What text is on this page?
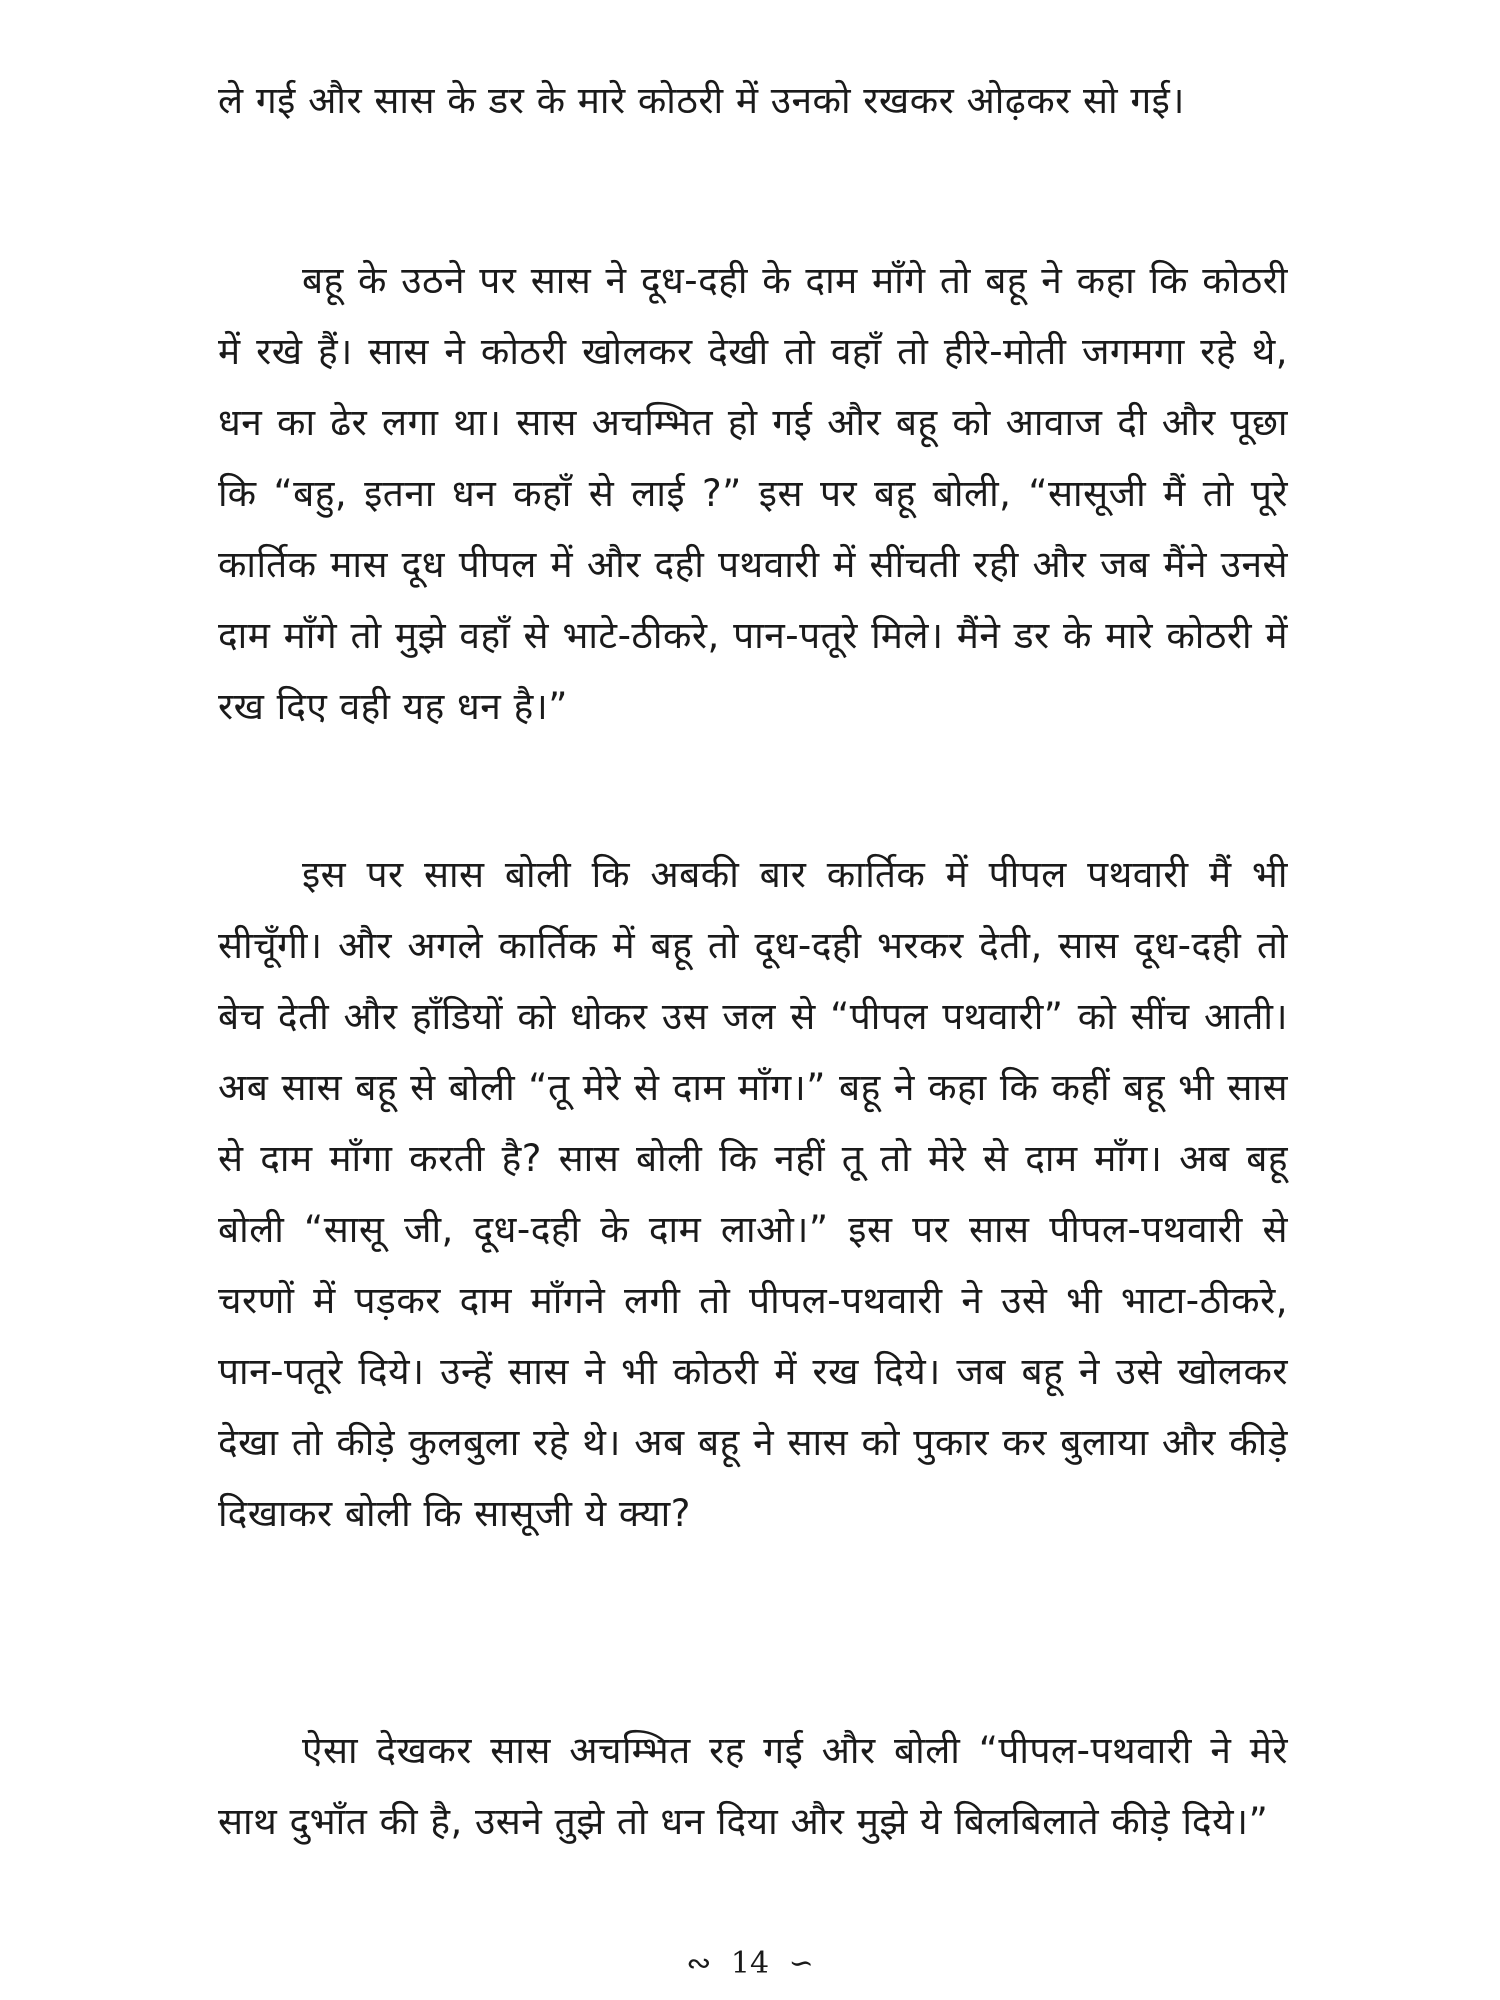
ले गई और सास के डर के मारे कोठरी में उनको रखकर ओढ़कर सो गई।

बहू के उठने पर सास ने दूध-दही के दाम माँगे तो बहू ने कहा कि कोठरी में रखे हैं। सास ने कोठरी खोलकर देखी तो वहाँ तो हीरे-मोती जगमगा रहे थे, धन का ढेर लगा था। सास अचम्भित हो गई और बहू को आवाज दी और पूछा कि “बहु, इतना धन कहाँ से लाई ?” इस पर बहू बोली, “सासूजी मैं तो पूरे कार्तिक मास दूध पीपल में और दही पथवारी में सींचती रही और जब मैंने उनसे दाम माँगे तो मुझे वहाँ से भाटे-ठीकरे, पान-पतूरे मिले। मैंने डर के मारे कोठरी में रख दिए वही यह धन है।”

इस पर सास बोली कि अबकी बार कार्तिक में पीपल पथवारी मैं भी सीचूँगी। और अगले कार्तिक में बहू तो दूध-दही भरकर देती, सास दूध-दही तो बेच देती और हाँडियों को धोकर उस जल से “पीपल पथवारी” को सींच आती। अब सास बहू से बोली “तू मेरे से दाम माँग।” बहू ने कहा कि कहीं बहू भी सास से दाम माँगा करती है? सास बोली कि नहीं तू तो मेरे से दाम माँग। अब बहू बोली “सासू जी, दूध-दही के दाम लाओ।” इस पर सास पीपल-पथवारी से चरणों में पड़कर दाम माँगने लगी तो पीपल-पथवारी ने उसे भी भाटा-ठीकरे, पान-पतूरे दिये। उन्हें सास ने भी कोठरी में रख दिये। जब बहू ने उसे खोलकर देखा तो कीड़े कुलबुला रहे थे। अब बहू ने सास को पुकार कर बुलाया और कीड़े दिखाकर बोली कि सासूजी ये क्या?

ऐसा देखकर सास अचम्भित रह गई और बोली “पीपल-पथवारी ने मेरे साथ दुभाँत की है, उसने तुझे तो धन दिया और मुझे ये बिलबिलाते कीड़े दिये।”

∾ 14 ∽
